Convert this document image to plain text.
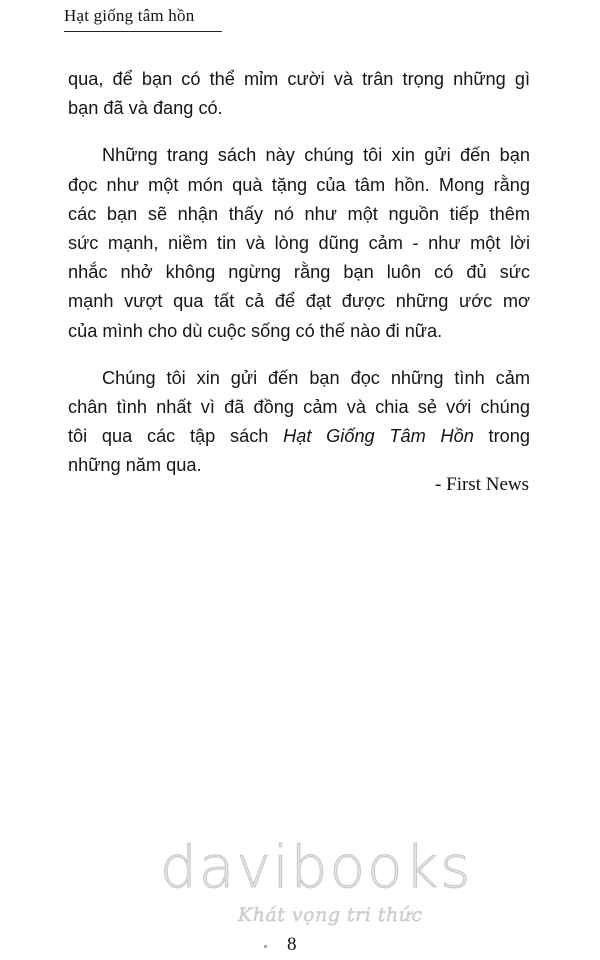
Hạt giống tâm hồn

qua, để bạn có thể mỉm cười và trân trọng những gì
bạn đã và đang có.

Những trang sách này chúng tôi xin gửi đến bạn
đọc như một món quà tặng của tâm hồn. Mong rằng
các bạn sẽ nhận thấy nó như một nguồn tiếp thêm
sức mạnh, niềm tin và lòng dũng cảm - như một lời
nhắc nhở không ngừng rằng bạn luôn có đủ sức
mạnh vượt qua tất cả để đạt được những ước mơ
của mình cho dù cuộc sống có thế nào đi nữa.

Chúng tôi xin gửi đến bạn đọc những tình cảm
chân tình nhất vì đã đồng cảm và chia sẻ với chúng
tôi qua các tập sách Hạt Giống Tâm Hồn trong
những năm qua.

- First News
davibooks
Khát vọng tri thức
8
